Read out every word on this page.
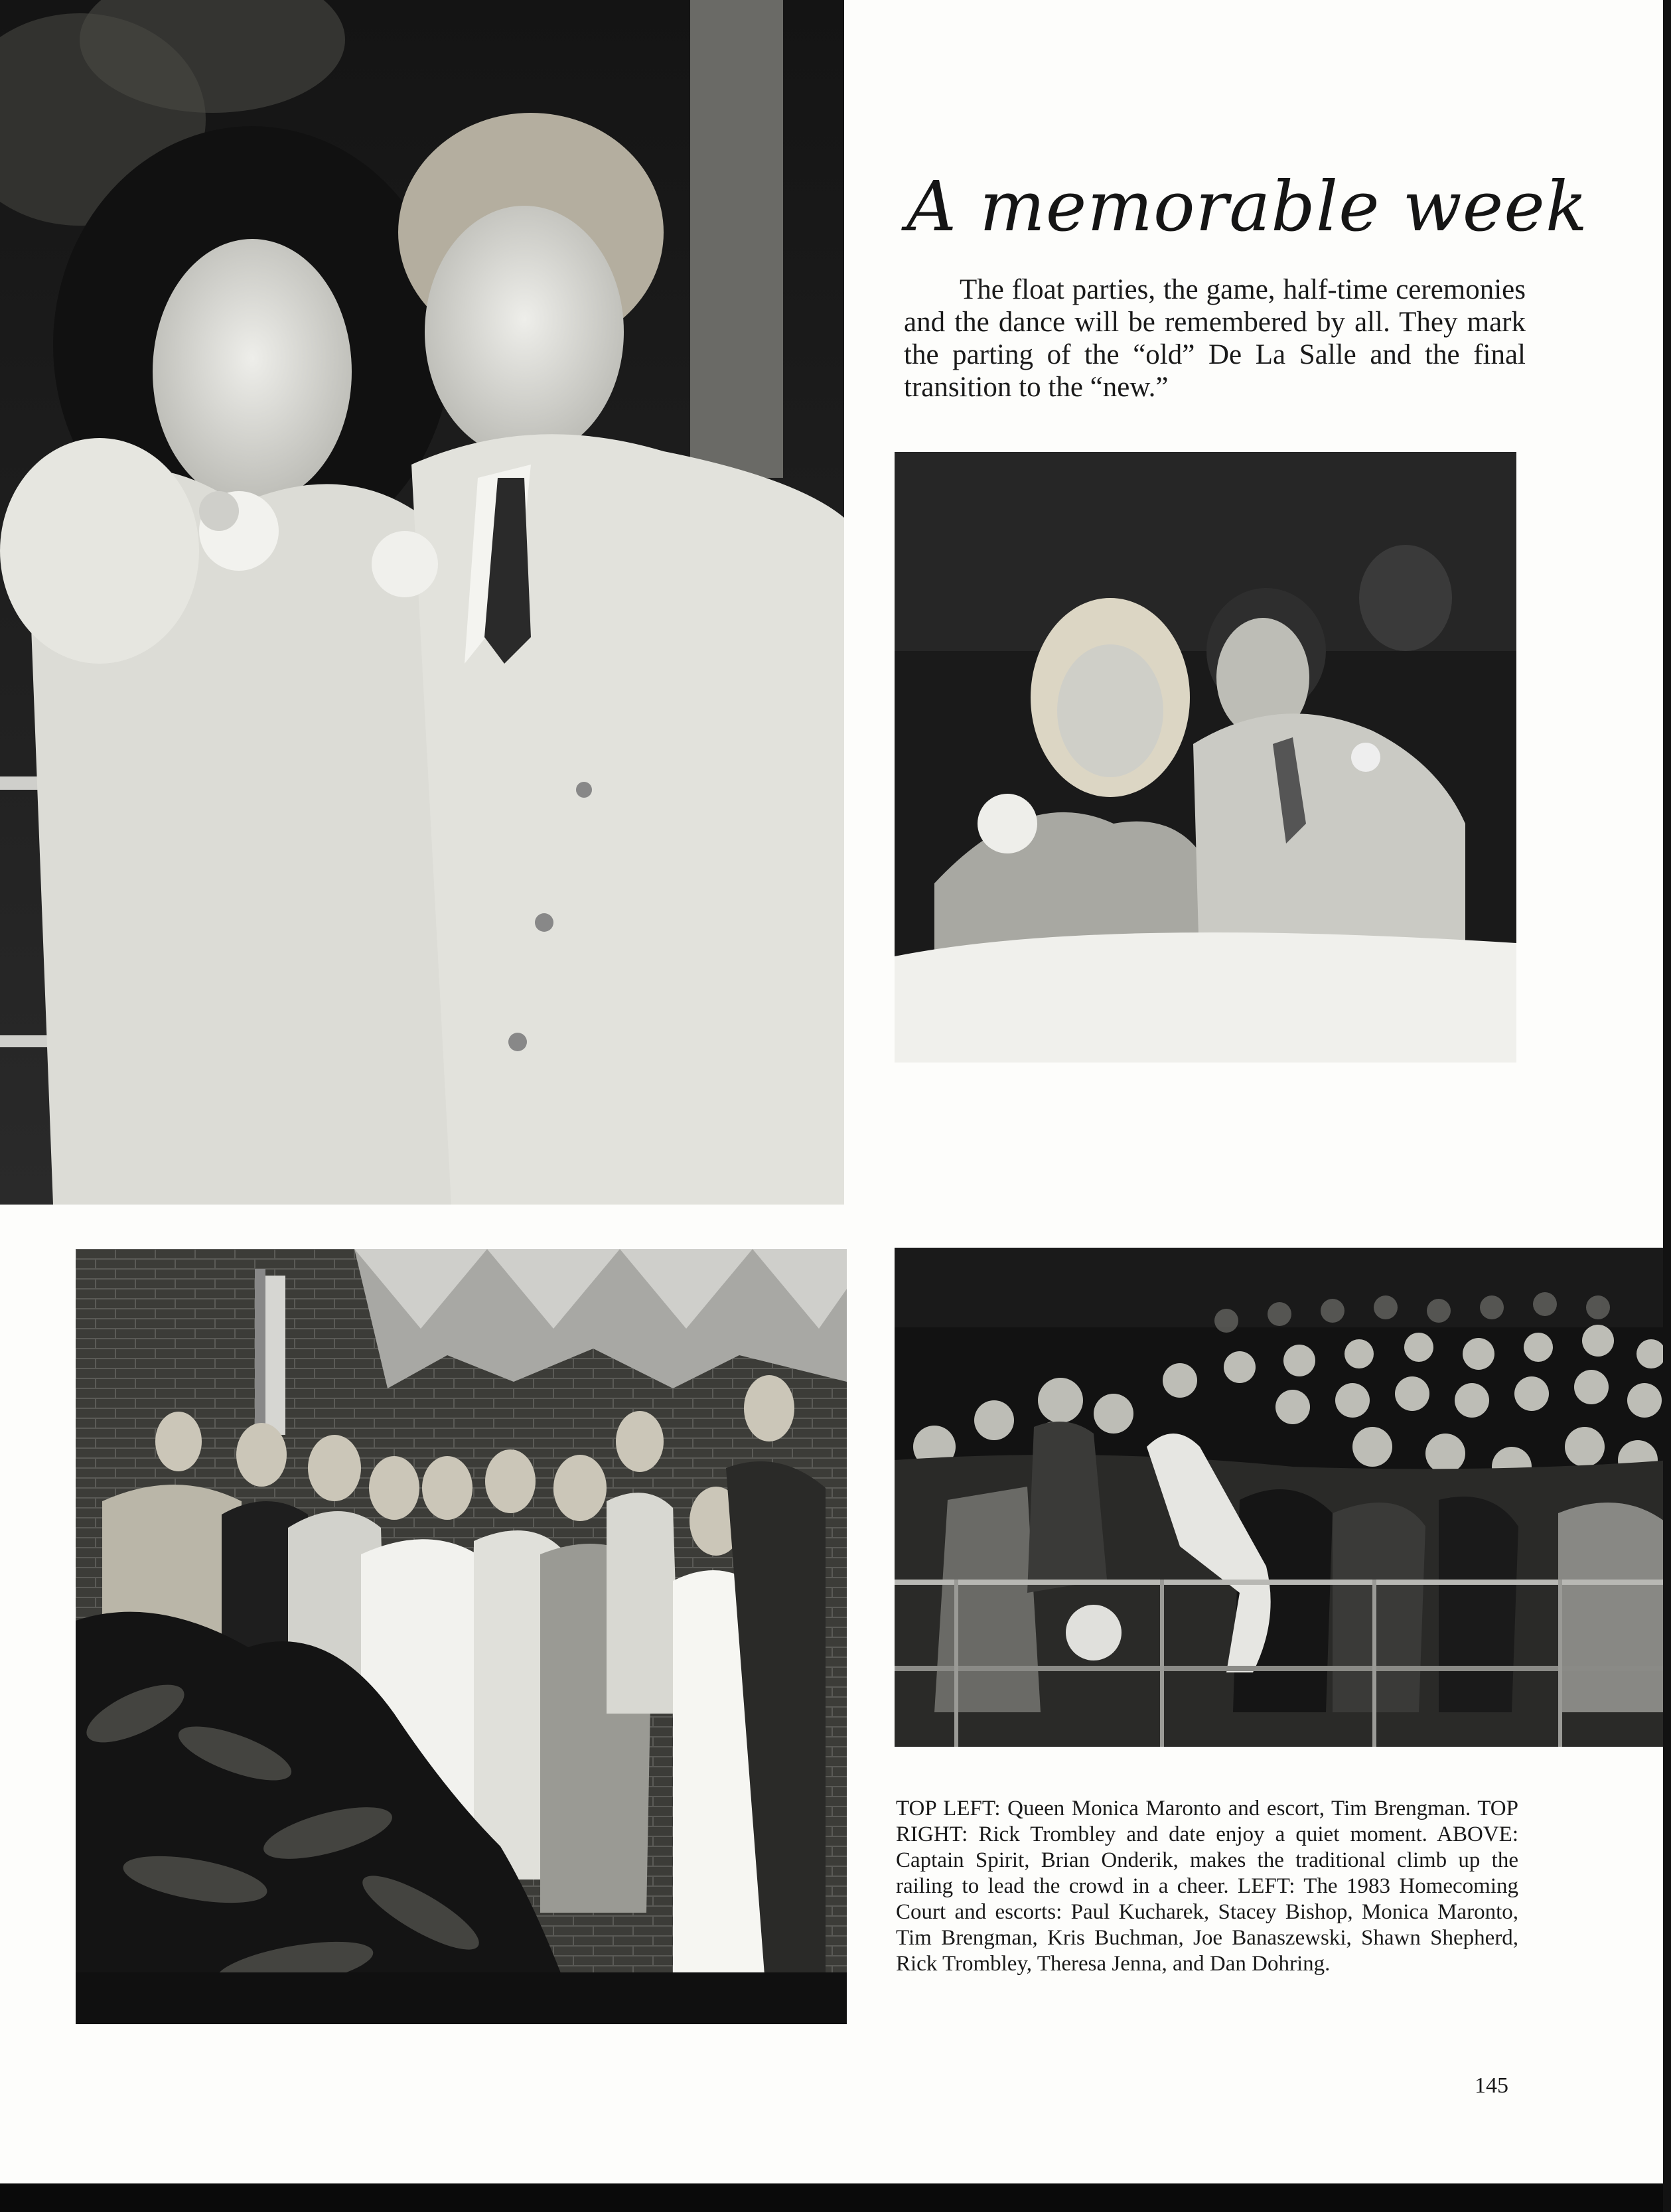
A memorable week

The float parties, the game, half-time ceremonies and the dance will be remembered by all. They mark the parting of the “old” De La Salle and the final transition to the “new.”

TOP LEFT: Queen Monica Maronto and escort, Tim Brengman. TOP RIGHT: Rick Trombley and date enjoy a quiet moment. ABOVE: Captain Spirit, Brian Onderik, makes the traditional climb up the railing to lead the crowd in a cheer. LEFT: The 1983 Homecoming Court and escorts: Paul Kucharek, Stacey Bishop, Monica Maronto, Tim Brengman, Kris Buchman, Joe Banaszewski, Shawn Shepherd, Rick Trombley, Theresa Jenna, and Dan Dohring.

145
